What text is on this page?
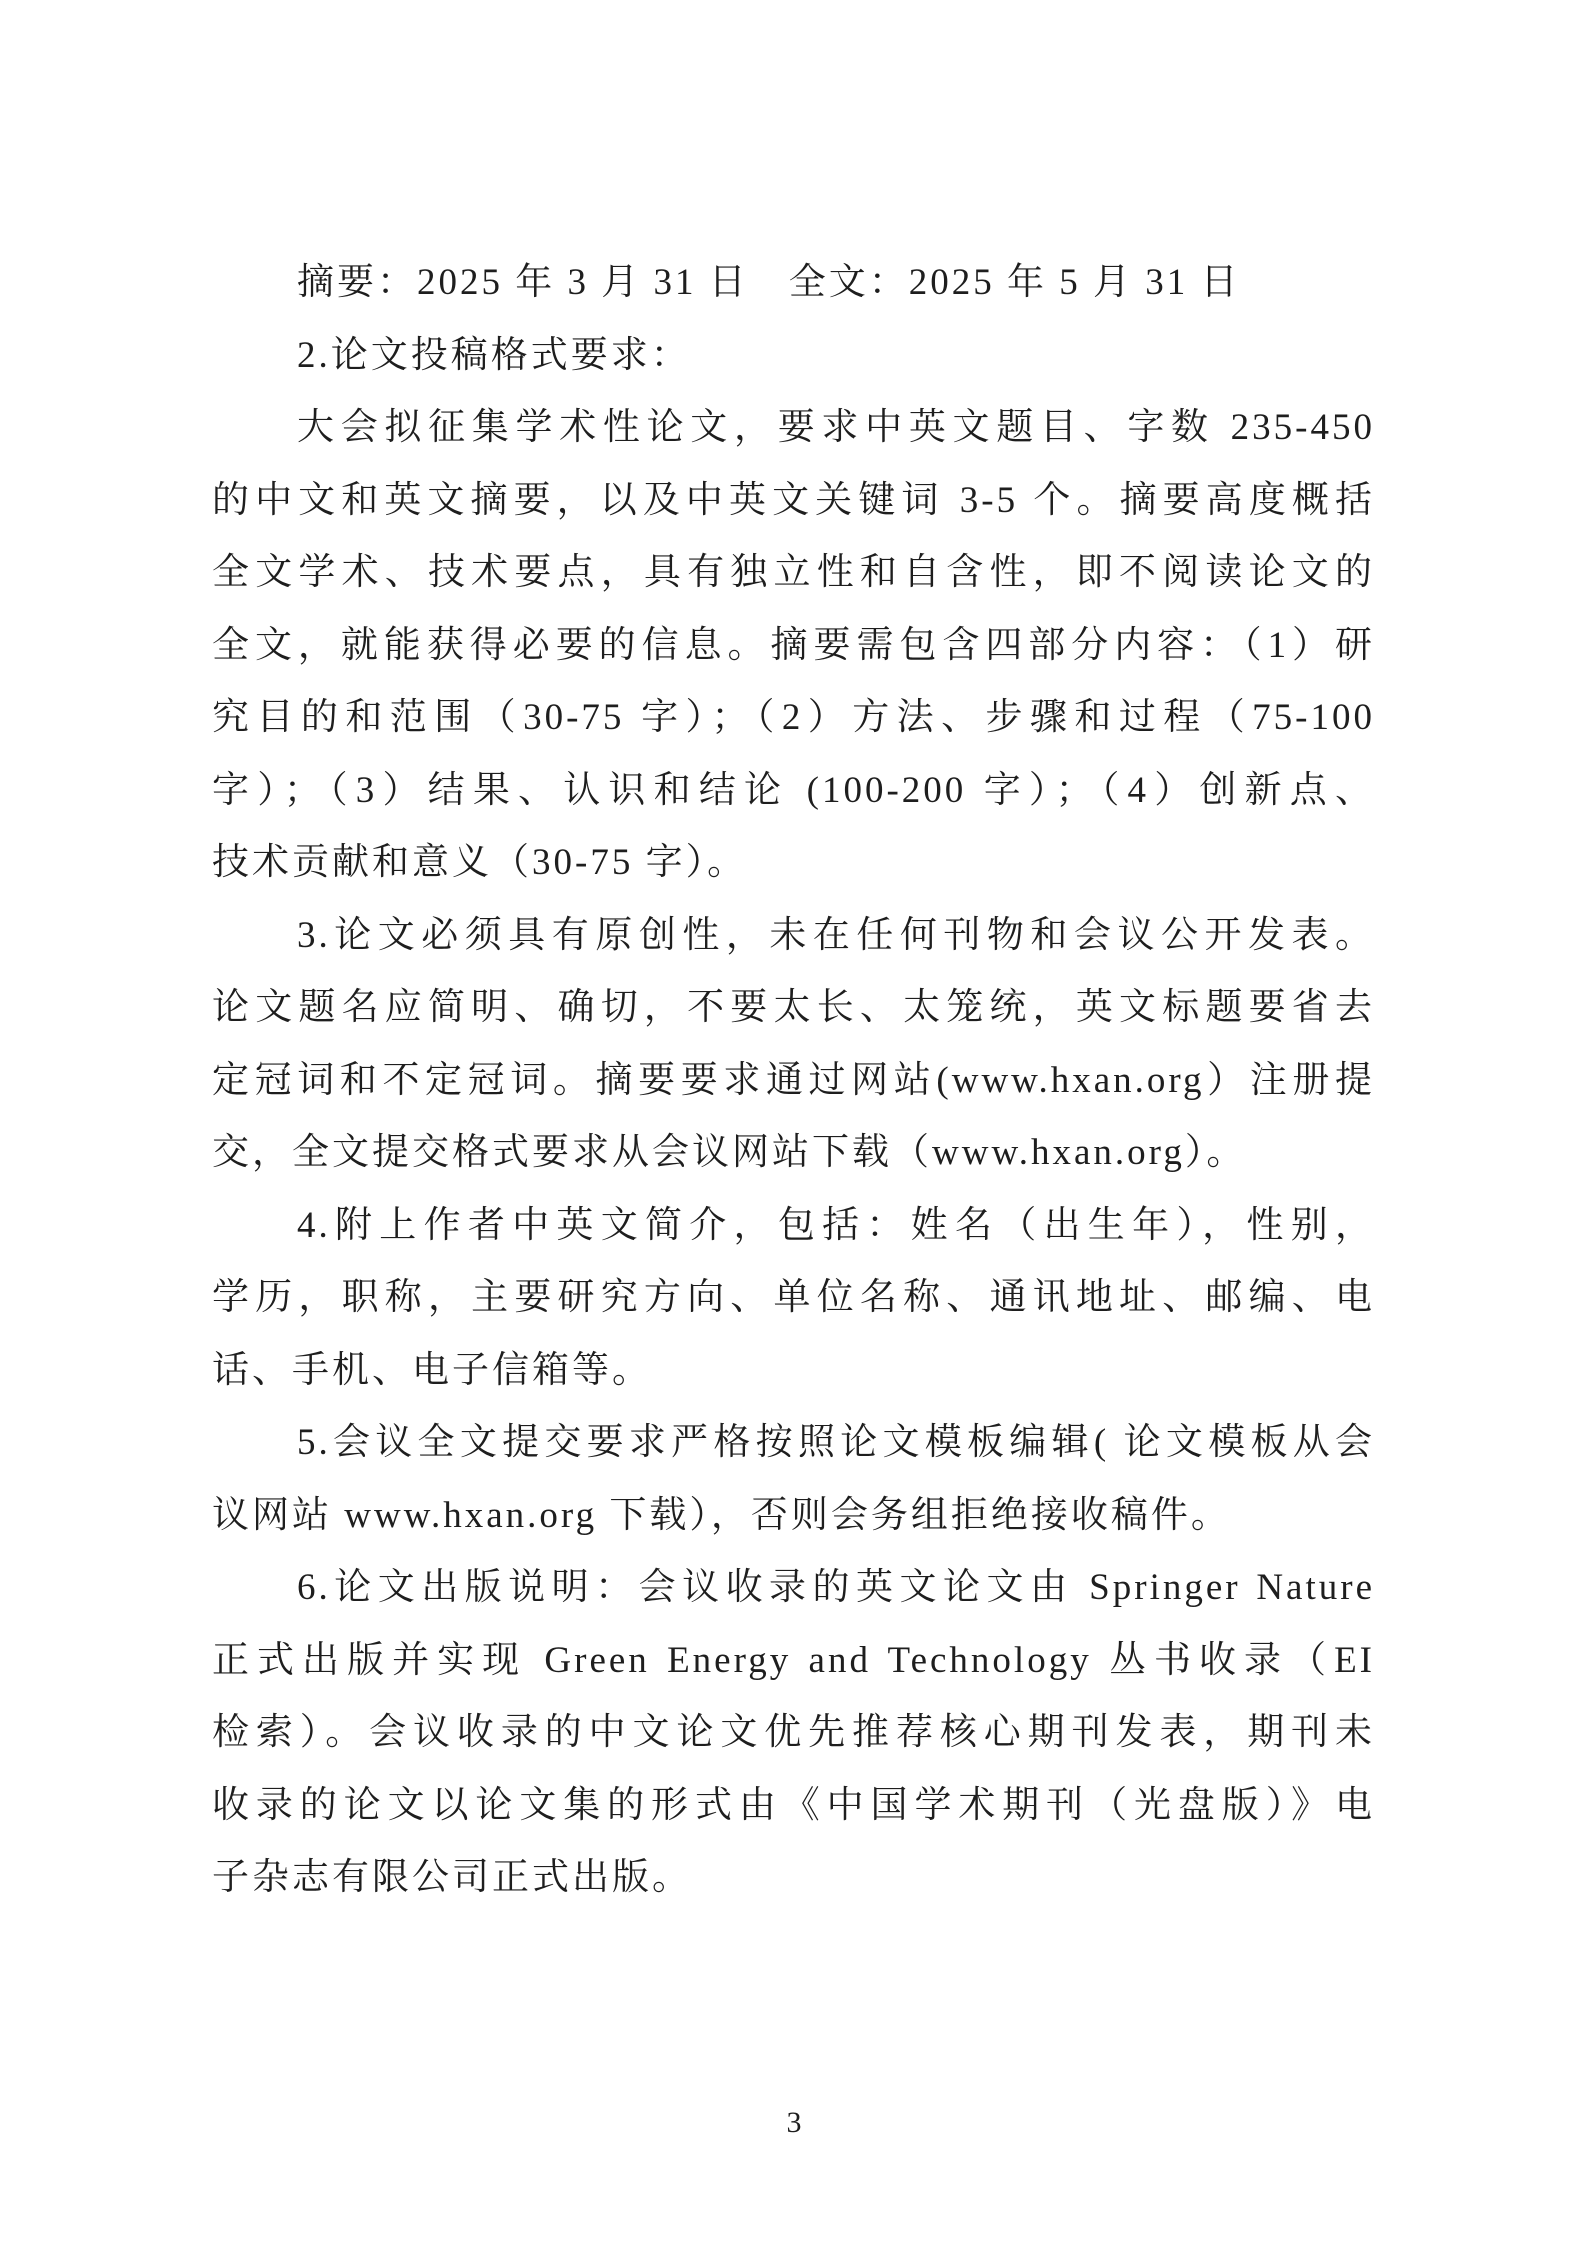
摘要：2025 年 3 月 31 日　全文：2025 年 5 月 31 日
2.论文投稿格式要求：
大会拟征集学术性论文，要求中英文题目、字数 235-450
的中文和英文摘要，以及中英文关键词 3-5 个。摘要高度概括
全文学术、技术要点，具有独立性和自含性，即不阅读论文的
全文，就能获得必要的信息。摘要需包含四部分内容：（1）研
究目的和范围（30-75 字）；（2）方法、步骤和过程（75-100
字）；（3）结果、认识和结论 (100-200 字）；（4）创新点、
技术贡献和意义（30-75 字）。
3.论文必须具有原创性，未在任何刊物和会议公开发表。
论文题名应简明、确切，不要太长、太笼统，英文标题要省去
定冠词和不定冠词。摘要要求通过网站(www.hxan.org）注册提
交，全文提交格式要求从会议网站下载（www.hxan.org）。
4.附上作者中英文简介，包括：姓名（出生年），性别，
学历，职称，主要研究方向、单位名称、通讯地址、邮编、电
话、手机、电子信箱等。
5.会议全文提交要求严格按照论文模板编辑( 论文模板从会
议网站 www.hxan.org 下载），否则会务组拒绝接收稿件。
6.论文出版说明：会议收录的英文论文由 Springer Nature
正式出版并实现 Green Energy and Technology 丛书收录（EI
检索）。会议收录的中文论文优先推荐核心期刊发表，期刊未
收录的论文以论文集的形式由《中国学术期刊（光盘版）》电
子杂志有限公司正式出版。
3
